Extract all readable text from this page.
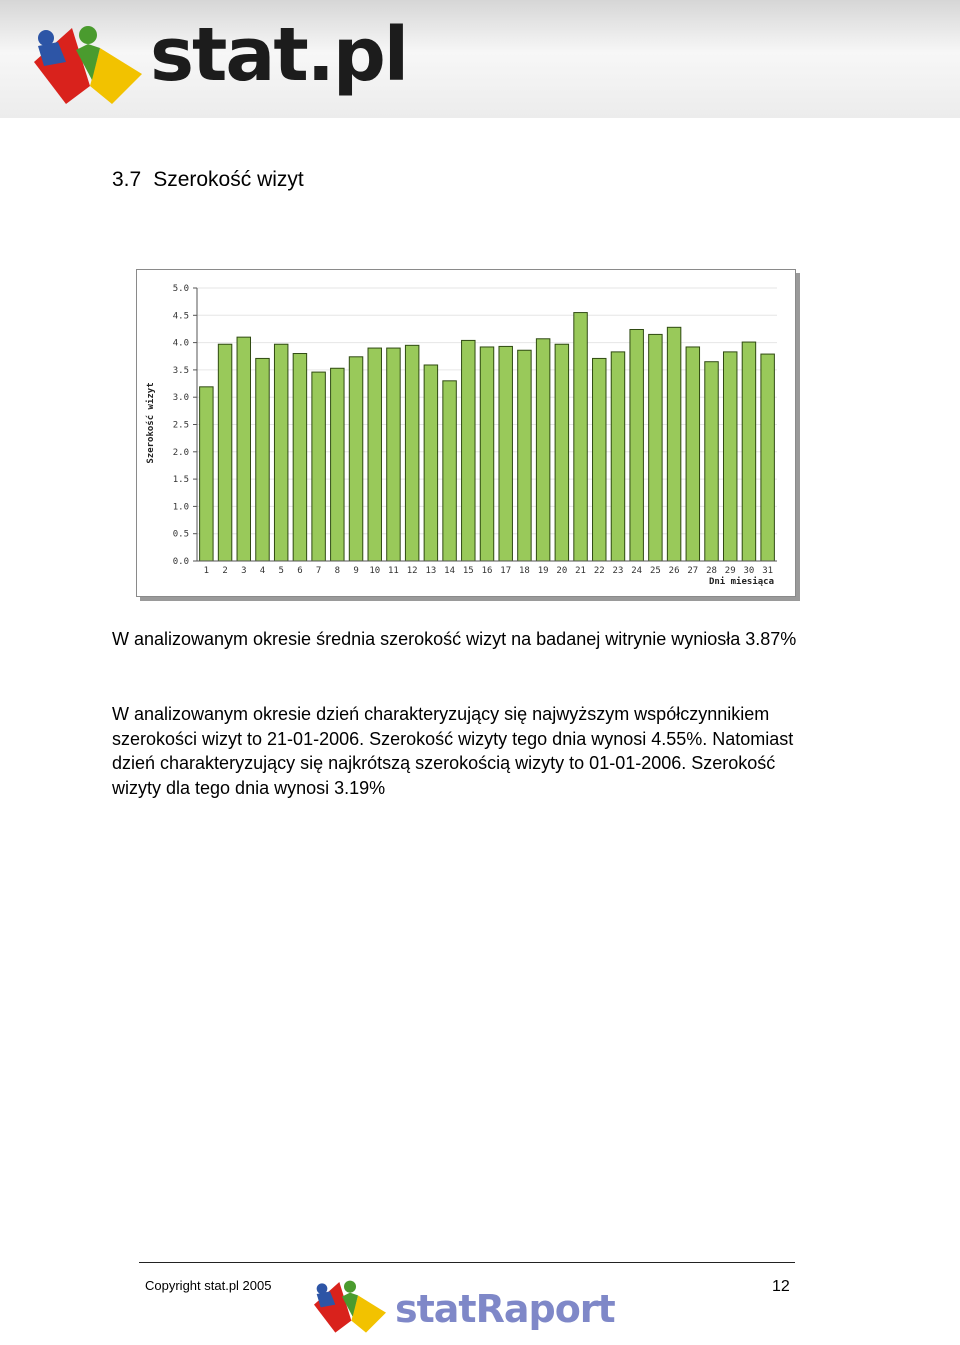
stat.pl
3.7 Szerokość wizyt
0.0
0.5
1.0
1.5
2.0
2.5
3.0
3.5
4.0
4.5
5.0
1 2 3 4 5 6 7 8 9 10 11 12 13 14 15 16 17 18 19 20 21 22 23 24 25 26 27 28 29 30 31
Szerokość wizyt
Dni miesiąca
W analizowanym okresie średnia szerokość wizyt na badanej witrynie wyniosła 3.87%
W analizowanym okresie dzień charakteryzujący się najwyższym współczynnikiem szerokości wizyt to 21-01-2006. Szerokość wizyty tego dnia wynosi 4.55%. Natomiast dzień charakteryzujący się najkrótszą szerokością wizyty to 01-01-2006. Szerokość wizyty dla tego dnia wynosi 3.19%
Copyright stat.pl 2005
statRaport
12
